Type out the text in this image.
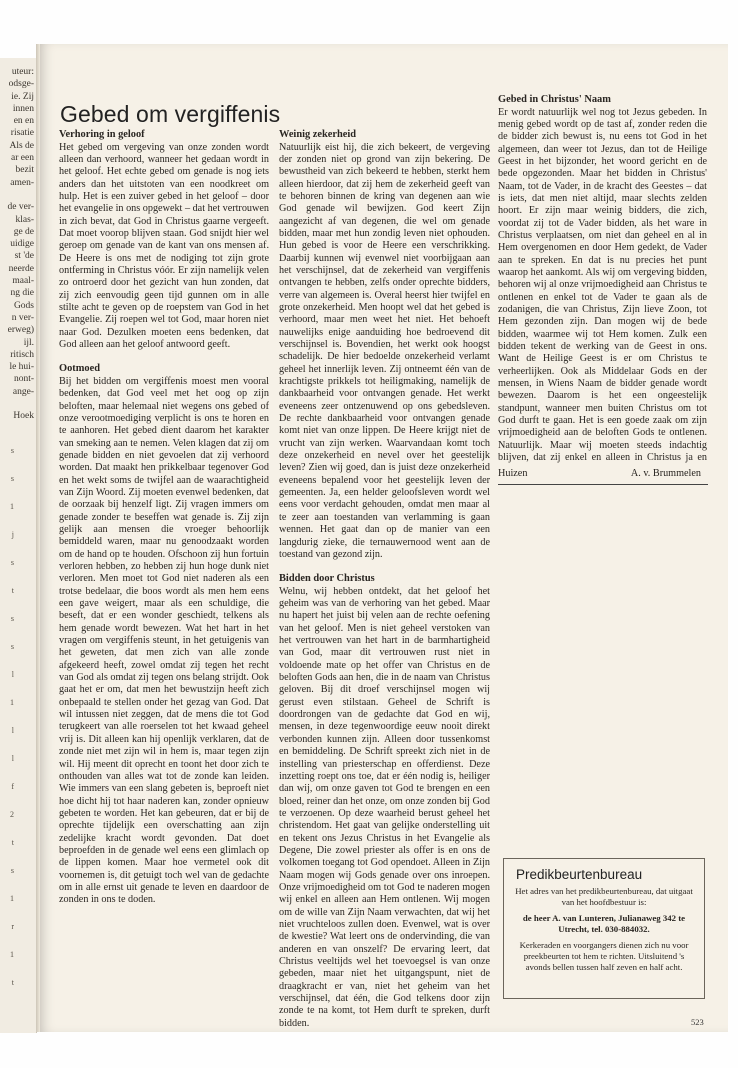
uteur:
odsge-
ie. Zij
innen
en en
risatie
Als de
ar een
bezit
amen-

de ver-
klas-
ge de
uidige
st 'de
neerde
maal-
ng die
Gods
n ver-
erweg)
ijl.
ritisch
le hui-
nont-
ange-

Hoek
s
s
1
j
s
t
s
s
l
1
l
l
f
2
t
s
1
r
1
t
Gebed om vergiffenis
Verhoring in geloof

Het gebed om vergeving van onze zonden wordt alleen dan verhoord, wanneer het gedaan wordt in het geloof. Het echte gebed om genade is nog iets anders dan het uitstoten van een noodkreet om hulp. Het is een zuiver gebed in het geloof – door het evangelie in ons opgewekt – dat het vertrouwen in zich bevat, dat God in Christus gaarne vergeeft. Dat moet voorop blijven staan. God snijdt hier wel geroep om genade van de kant van ons mensen af. De Heere is ons met de nodiging tot zijn grote ontferming in Christus vóór. Er zijn namelijk velen zo ontroerd door het gezicht van hun zonden, dat zij zich eenvoudig geen tijd gunnen om in alle stilte acht te geven op de roepstem van God in het Evangelie. Zij roepen wel tot God, maar horen niet naar God. Dezulken moeten eens bedenken, dat God alleen aan het geloof antwoord geeft.

Ootmoed

Bij het bidden om vergiffenis moest men vooral bedenken, dat God veel met het oog op zijn beloften, maar helemaal niet wegens ons gebed of onze verootmoediging verplicht is ons te horen en te aanhoren. Het gebed dient daarom het karakter van smeking aan te nemen. Velen klagen dat zij om genade bidden en niet gevoelen dat zij verhoord worden. Dat maakt hen prikkelbaar tegenover God en het wekt soms de twijfel aan de waarachtigheid van Zijn Woord. Zij moeten evenwel bedenken, dat de oorzaak bij henzelf ligt. Zij vragen immers om genade zonder te beseffen wat genade is. Zij zijn gelijk aan mensen die vroeger behoorlijk bemiddeld waren, maar nu genoodzaakt worden om de hand op te houden. Ofschoon zij hun fortuin verloren hebben, zo hebben zij hun hoge dunk niet verloren. Men moet tot God niet naderen als een trotse bedelaar, die boos wordt als men hem eens een gave weigert, maar als een schuldige, die beseft, dat er een wonder geschiedt, telkens als hem genade wordt bewezen. Wat het hart in het vragen om vergiffenis steunt, in het getuigenis van het geweten, dat men zich van alle zonde afgekeerd heeft, zowel omdat zij tegen het recht van God als omdat zij tegen ons belang strijdt. Ook gaat het er om, dat men het bewustzijn heeft zich onbepaald te stellen onder het gezag van God. Dat wil intussen niet zeggen, dat de mens die tot God terugkeert van alle roerselen tot het kwaad geheel vrij is. Dit alleen kan hij openlijk verklaren, dat de zonde niet met zijn wil in hem is, maar tegen zijn wil. Hij meent dit oprecht en toont het door zich te onthouden van alles wat tot de zonde kan leiden. Wie immers van een slang gebeten is, beproeft niet hoe dicht hij tot haar naderen kan, zonder opnieuw gebeten te worden. Het kan gebeuren, dat er bij de oprechte tijdelijk een overschatting aan zijn zedelijke kracht wordt gevonden. Dat doet beproefden in de genade wel eens een glimlach op de lippen komen. Maar hoe vermetel ook dit voornemen is, dit getuigt toch wel van de gedachte om in alle ernst uit genade te leven en daardoor de zonden in ons te doden.

Weinig zekerheid

Natuurlijk eist hij, die zich bekeert, de vergeving der zonden niet op grond van zijn bekering. De bewustheid van zich bekeerd te hebben, sterkt hem alleen hierdoor, dat zij hem de zekerheid geeft van te behoren binnen de kring van degenen aan wie God genade wil bewijzen. God keert Zijn aangezicht af van degenen, die wel om genade bidden, maar met hun zondig leven niet ophouden. Hun gebed is voor de Heere een verschrikking. Daarbij kunnen wij evenwel niet voorbijgaan aan het verschijnsel, dat de zekerheid van vergiffenis ontvangen te hebben, zelfs onder oprechte bidders, verre van algemeen is. Overal heerst hier twijfel en grote onzekerheid. Men hoopt wel dat het gebed is verhoord, maar men weet het niet. Het behoeft nauwelijks enige aanduiding hoe bedroevend dit verschijnsel is. Bovendien, het werkt ook hoogst schadelijk. De hier bedoelde onzekerheid verlamt geheel het innerlijk leven. Zij ontneemt één van de krachtigste prikkels tot heiligmaking, namelijk de dankbaarheid voor ontvangen genade. Het werkt eveneens zeer ontzenuwend op ons gebedsleven. De rechte dankbaarheid voor ontvangen genade komt niet van onze lippen. De Heere krijgt niet de vrucht van zijn werken. Waarvandaan komt toch deze onzekerheid en nevel over het geestelijk leven? Zien wij goed, dan is juist deze onzekerheid eveneens bepalend voor het geestelijk leven der gemeenten. Ja, een helder geloofsleven wordt wel eens voor verdacht gehouden, omdat men maar al te zeer aan toestanden van verlamming is gaan wennen. Het gaat dan op de manier van een langdurig zieke, die ternauwernood went aan de toestand van gezond zijn.

Bidden door Christus

Welnu, wij hebben ontdekt, dat het geloof het geheim was van de verhoring van het gebed. Maar nu hapert het juist bij velen aan de rechte oefening van het geloof. Men is niet geheel verstoken van het vertrouwen van het hart in de barmhartigheid van God, maar dit vertrouwen rust niet in voldoende mate op het offer van Christus en de beloften Gods aan hen, die in de naam van Christus geloven. Bij dit droef verschijnsel mogen wij gerust even stilstaan. Geheel de Schrift is doordrongen van de gedachte dat God en wij, mensen, in deze tegenwoordige eeuw nooit direkt verbonden kunnen zijn. Alleen door tussenkomst en bemiddeling. De Schrift spreekt zich niet in de instelling van priesterschap en offerdienst. Deze inzetting roept ons toe, dat er één nodig is, heiliger dan wij, om onze gaven tot God te brengen en een bloed, reiner dan het onze, om onze zonden bij God te verzoenen. Op deze waarheid berust geheel het christendom. Het gaat van gelijke onderstelling uit en tekent ons Jezus Christus in het Evangelie als Degene, Die zowel priester als offer is en ons de volkomen toegang tot God opendoet. Alleen in Zijn Naam mogen wij Gods genade over ons inroepen. Onze vrijmoedigheid om tot God te naderen mogen wij enkel en alleen aan Hem ontlenen. Wij mogen om de wille van Zijn Naam verwachten, dat wij het niet vruchteloos zullen doen. Evenwel, wat is over de kwestie? Wat leert ons de ondervinding, die van anderen en van onszelf? De ervaring leert, dat Christus veeltijds wel het toevoegsel is van onze gebeden, maar niet het uitgangspunt, niet de draagkracht er van, niet het geheim van het verschijnsel, dat één, die God telkens door zijn zonde te na komt, tot Hem durft te spreken, durft bidden.

Gebed in Christus' Naam

Er wordt natuurlijk wel nog tot Jezus gebeden. In menig gebed wordt op de tast af, zonder reden die de bidder zich bewust is, nu eens tot God in het algemeen, dan weer tot Jezus, dan tot de Heilige Geest in het bijzonder, het woord gericht en de bede opgezonden. Maar het bidden in Christus' Naam, tot de Vader, in de kracht des Geestes – dat is iets, dat men niet altijd, maar slechts zelden hoort. Er zijn maar weinig bidders, die zich, voordat zij tot de Vader bidden, als het ware in Christus verplaatsen, om niet dan geheel en al in Hem overgenomen en door Hem gedekt, de Vader aan te spreken. En dat is nu precies het punt waarop het aankomt. Als wij om vergeving bidden, behoren wij al onze vrijmoedigheid aan Christus te ontlenen en enkel tot de Vader te gaan als de zodanigen, die van Christus, Zijn lieve Zoon, tot Hem gezonden zijn. Dan mogen wij de bede bidden, waarmee wij tot Hem komen. Zulk een bidden tekent de werking van de Geest in ons. Want de Heilige Geest is er om Christus te verheerlijken. Ook als Middelaar Gods en der mensen, in Wiens Naam de bidder genade wordt bewezen. Daarom is het een ongeestelijk standpunt, wanneer men buiten Christus om tot God durft te gaan. Het is een goede zaak om zijn vrijmoedigheid aan de beloften Gods te ontlenen. Natuurlijk. Maar wij moeten steeds indachtig blijven, dat zij enkel en alleen in Christus ja en

Huizen	A. v. Brummelen
Predikbeurtenbureau

Het adres van het predikbeurtenbureau, dat uitgaat van het hoofdbestuur is:

de heer A. van Lunteren, Julianaweg 342 te Utrecht, tel. 030-884032.

Kerkeraden en voorgangers dienen zich nu voor preekbeurten tot hem te richten. Uitsluitend 's avonds bellen tussen half zeven en half acht.

523
